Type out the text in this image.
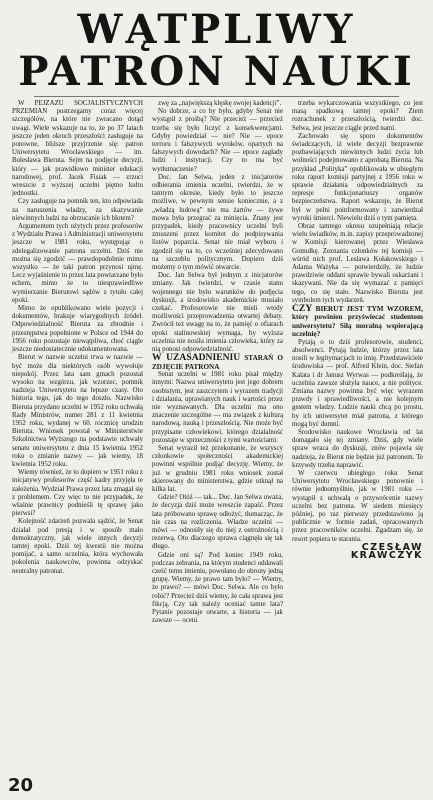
WĄTPLIWY
PATRON NAUKI

W PEJZAŻU SOCJALISTYCZNYCH PRZEMIAN postrzegamy coraz więcej szczegółów, na które nie zwracano dotąd uwagi. Wiele wskazuje na to, że po 37 latach jeszcze jeden okruch przeszłości zasługuje na ponowne, bliższe przyjrzenie się: patron Uniwersytetu Wrocławskiego — im. Bolesława Bieruta. Sejm na podjęcie decyzji, który — jak prawidłowo minister edukacji narodowej, prof. Jacek Fisiak — zrzuci wreszcie z wyższej uczelni piętno kultu jednostki.

Czy zasługuje na pomnik ten, kto odpowiada za naruszenia władzy, za skazywanie niewinnych ludzi na obrzucanie ich błotem?

Argumentem tych użytych przez profesorów z Wydziału Prawa i Administracji uniwersytetu jeszcze w 1981 roku, występując o zdelegalizowanie patrona uczelni. Dziś nie można się zgodzić — prawdopodobnie mimo wszystko — że taki patron przynosi ujmę. Lecz wyjaśnienie to przez lata powtarzane było echem, mimo że to niesprawiedliwe wymierzanie Bierutowi sądów z tytułu całej epoki.

Mimo że opublikowano wiele pozycji i dokumentów, brakuje wiarygodnych źródeł. Odpowiedzialność Bieruta za zbrodnie i przestępstwa popełnione w Polsce od 1944 do 1956 roku pozostaje niewątpliwa, choć ciągle jeszcze niedostatecznie udokumentowana.

Bierut w nazwie uczelni trwa w nazwie — być może dla niektórych osób wywołuje niepokój. Przez lata sam gmach pozostał wysoko na wzgórzu, jak wzorzec, pomnik nadzieja Uniwersytetu na lepsze czasy. Oto historia tego, jak do tego doszło. Nazwisko Bieruta przydano uczelni w 1952 roku uchwałą Rady Ministrów, numer 281 z 11 kwietnia 1952 roku, wydanej w 60. rocznicę urodzin Bieruta. Wniosek powstał w Ministerstwie Szkolnictwa Wyższego na podstawie uchwały senatu uniwersytetu z dnia 15 kwietnia 1952 roku o zmianie nazwy — jak wiemy, 18 kwietnia 1952 roku.

Wiemy również, że to dopiero w 1951 roku z inicjatywy profesorów część kadry przyjęła te założenia. Wydział Prawa przez lata zmagał się z problemem. Czy więc to nie przypadek, że właśnie prawnicy podnieśli tę sprawę jako pierwsi?

Kolejność zdarzeń pozwala sądzić, że Senat działał pod presją i w sposób mało demokratyczny, jak wiele innych decyzji tamtej epoki. Dziś tej kwestii nie można pomijać, a samo uczelnia, która wychowała pokolenia naukowców, powinna odzyskać neutralny patronat.

zwę za „największą klęskę swojej kadencji”.

No dobrze, a co by było, gdyby Senat nie wystąpił z prośbą? Nie przecież — przecież trzeba się było liczyć z konsekwencjami. Gdyby powiedział — nie? Nie — epoce terroru i fałszywych wyroków, opartych na fałszywych dowodach? Nie — epoce zagłady ludzi i instytucji. Czy to ma być wytłumaczenie?

Doc. Jan Selwa, jeden z inicjatorów odbierania imienia uczelni, twierdzi, że w tamtym okresie, kiedy było to jeszcze możliwe, w pewnym sensie koniecznie, a z „władzą ludową” nie ma żartów — żywe mowa była przegrać za minięcia. Znany jest przypadek, kiedy pracownicy uczelni byli zmuszeni przez komitet do podpisywania listów poparcia. Senat nie miał wyboru i zgodził się na to, co wcześniej zdecydowano na szczeblu politycznym. Dopiero dziś możemy o tym mówić otwarcie.

Doc. Jan Selwa był jednym z inicjatorów zmiany. Jak twierdzi, w czasie stanu wojennego nie było warunków do podjęcia dyskusji, a środowisko akademickie musiało czekać. Profesorowie nie mieli wtedy możliwości przeprowadzenia otwartej debaty. Zwrócił też uwagę na to, że pamięć o ofiarach epoki stalinowskiej wymaga, by wyższa uczelnia nie nosiła imienia człowieka, który za nią ponosi odpowiedzialność.

W UZASADNIENIU STARAŃ O ZDJĘCIE PATRONA

Senat uczelni w 1981 roku pisał między innymi: Nazwa uniwersytetu jest jego dobrem osobistym, jest zaszczytem i wyrazem tradycji i działania, uprawianych nauk i wartości przez nie wyznawanych. Dla uczelni ma ono znaczenie szczególne — ma związek z kulturą narodową, nauką i przeszłością. Nie może być przypisane człowiekowi, którego działalność pozostaje w sprzeczności z tymi wartościami.

Senat wyraził też przekonanie, że wszyscy członkowie społeczności akademickiej powinni wspólnie podjąć decyzję. Wiemy, że już w grudniu 1981 roku wniosek został skierowany do ministerstwa, gdzie utknął na kilka lat.

Gdzie? Otóż — tak... Doc. Jan Selwa uważa, że decyzja dziś może wreszcie zapaść. Przez lata próbowano sprawę odłożyć, tłumacząc, że nie czas na rozliczenia. Władze uczelni — mówi — odnosiły się do niej z ostrożnością i rezerwą. Oto dlaczego sprawa ciągnęła się tak długo.

Gdzie oni są? Pod koniec 1949 roku, podczas zebrania, na którym studenci oddawali cześć temu imieniu, powołano do obrony jedną grupę. Wiemy, że prawo tam było? — Wiemy, że prawo? — mówi Doc. Selwa. Ale co było robić? Przecież dziś wiemy, że cała sprawa jest fikcją. Czy tak należy oceniać tamte lata? Pytanie pozostaje otwarte, a historia — jak zawsze — oceni.

trzeba wykarczowania wszystkiego, co jest masą spadkową tamtej epoki? Ztem rozrachunek z przeszłością, twierdzi doc. Selwa, jest jeszcze ciągle przed nami.

Zachowało się sporo dokumentów świadczących, iż wiele decyzji bezprawnie pozbawiających niewinnych ludzi życia lub wolności podejmowano z aprobatą Bieruta. Na przykład „Polityka” opublikowała w ubiegłym roku raport komisji partyjnej z 1956 roku w sprawie działania odpowiedzialnych za represje funkcjonariuszy organów bezpieczeństwa. Raport wskazuje, że Bierut był w pełni poinformowany i zatwierdzał wyroki śmierci. Niewielu dziś o tym pamięta.

Obraz tamtego okresu uzupełniają relacje wielu świadków, m.in. zapisy przeprowadzonej w Komisji kierowanej przez Wiesława Gomułkę. Zeznania członków tej komisji — wśród nich prof. Lesława Kołakowskiego i Adama Ważyka — potwierdziły, że ludzie prawdziwie oddani sprawie bywali oskarżani i skazywani. Nie da się wymazać z pamięci tego, co się stało. Nazwisko Bieruta jest symbolem tych wydarzeń.

CZY BIERUT JEST TYM WZOREM, który powinien przyświecać studentom uniwersytetu? Siłą moralną wspierającą uczelnię?

Pytają o to dziś profesorowie, studenci, absolwenci. Pytają ludzie, którzy przez lata nosili w legitymacjach to imię. Przedstawiciele środowiska — prof. Alfred Klein, doc. Stefan Kalata i dr Janusz Wyrwas — podkreślają, że uczelnia zawsze służyła nauce, a nie polityce. Zmiana nazwy powinna być więc wyrazem prawdy i sprawiedliwości, a nie kolejnym gestem władzy. Ludzie nauki chcą po prostu, by ich uniwersytet miał patrona, z którego mogą być dumni.

Środowisko naukowe Wrocławia od lat domagało się tej zmiany. Dziś, gdy wiele spraw wraca do dyskusji, znów pojawia się nadzieja, że Bierut nie będzie już patronem. Te krzywdy trzeba naprawić.

W czerwcu ubiegłego roku Senat Uniwersytetu Wrocławskiego ponownie i równie jednomyślnie, jak w 1981 roku — wystąpił z uchwałą o przywrócenie nazwy uczelni bez patrona. W siedem miesięcy później, po raz pierwszy przedstawiono ją publicznie w formie zadań, opracowanych przez pracowników uczelni. Zgadzam się, że resort popiera te starania.

CZESŁAW KRAWCZYK

20
